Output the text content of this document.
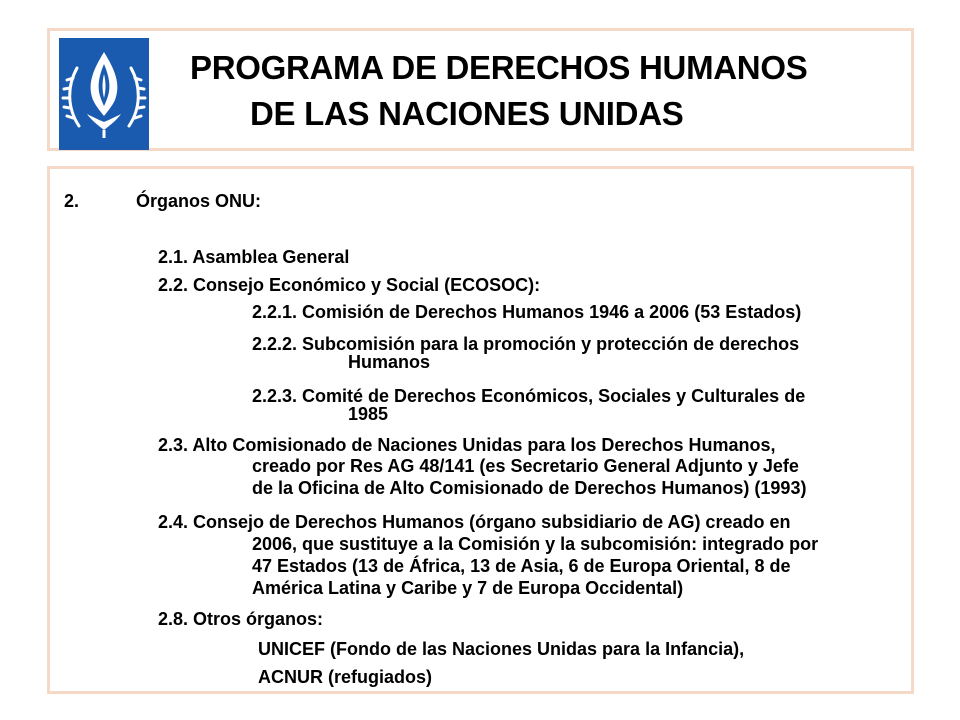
PROGRAMA DE DERECHOS HUMANOS
DE LAS NACIONES UNIDAS
2.	Órganos ONU:
2.1. Asamblea General
2.2. Consejo Económico y Social (ECOSOC):
2.2.1. Comisión de Derechos Humanos 1946 a 2006 (53 Estados)
2.2.2. Subcomisión para la promoción y protección de derechos
Humanos
2.2.3. Comité de Derechos Económicos, Sociales y Culturales de
1985
2.3. Alto Comisionado de Naciones Unidas para los Derechos Humanos,
creado por Res AG 48/141 (es Secretario General Adjunto y Jefe
de la Oficina de Alto Comisionado de Derechos Humanos) (1993)
2.4. Consejo de Derechos Humanos (órgano subsidiario de AG) creado en
2006, que sustituye a la Comisión y la subcomisión: integrado por
47 Estados (13 de África, 13 de Asia, 6 de Europa Oriental, 8 de
América Latina y Caribe y 7 de Europa Occidental)
2.8. Otros órganos:
UNICEF (Fondo de las Naciones Unidas para la Infancia),
ACNUR (refugiados)
